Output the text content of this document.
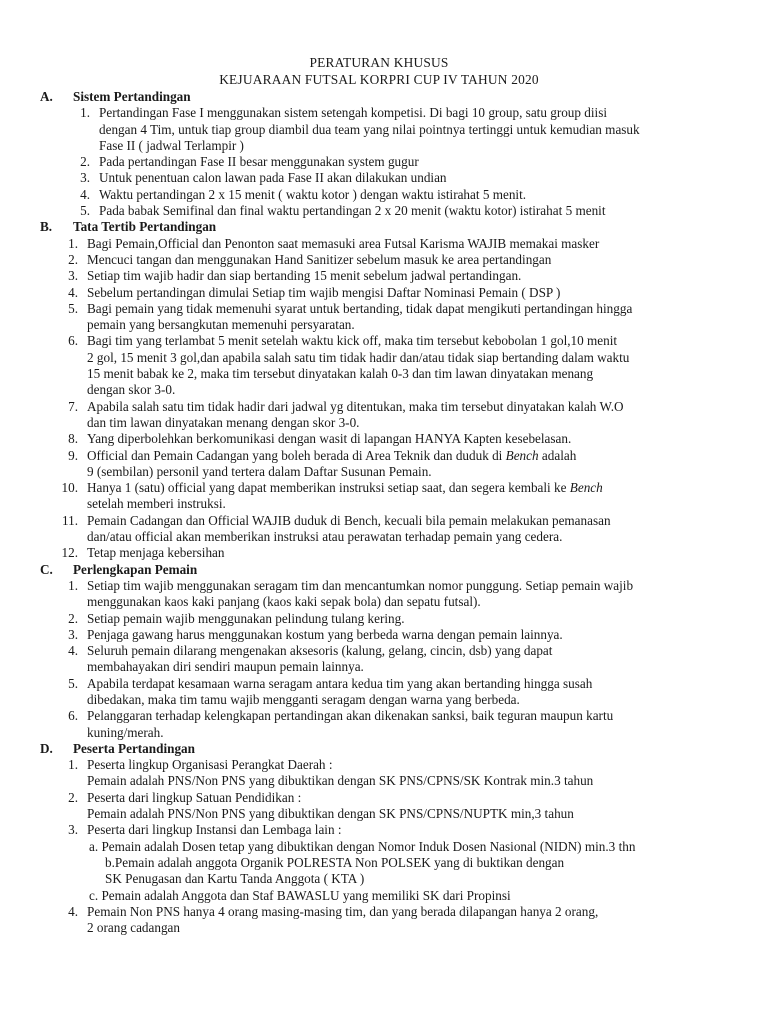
PERATURAN KHUSUS
KEJUARAAN FUTSAL KORPRI CUP IV TAHUN 2020
A.	Sistem Pertandingan
1. Pertandingan Fase I menggunakan sistem setengah kompetisi. Di bagi 10 group, satu group diisi
dengan 4 Tim, untuk tiap group diambil dua team yang nilai pointnya tertinggi untuk kemudian masuk
Fase II ( jadwal Terlampir )
2. Pada pertandingan Fase II besar menggunakan system gugur
3. Untuk penentuan calon lawan pada Fase II akan dilakukan undian
4. Waktu pertandingan 2 x 15 menit ( waktu kotor ) dengan waktu istirahat 5 menit.
5. Pada babak Semifinal dan final waktu pertandingan 2 x 20 menit (waktu kotor) istirahat 5 menit
B.	Tata Tertib Pertandingan
1. Bagi Pemain,Official dan Penonton saat memasuki area Futsal Karisma WAJIB memakai masker
2. Mencuci tangan dan menggunakan Hand Sanitizer sebelum masuk ke area pertandingan
3. Setiap tim wajib hadir dan siap bertanding 15 menit sebelum jadwal pertandingan.
4. Sebelum pertandingan dimulai Setiap tim wajib mengisi Daftar Nominasi Pemain ( DSP )
5. Bagi pemain yang tidak memenuhi syarat untuk bertanding, tidak dapat mengikuti pertandingan hingga
pemain yang bersangkutan memenuhi persyaratan.
6. Bagi tim yang terlambat 5 menit setelah waktu kick off, maka tim tersebut kebobolan 1 gol,10 menit
2 gol, 15 menit 3 gol,dan apabila salah satu tim tidak hadir dan/atau tidak siap bertanding dalam waktu
15 menit babak ke 2, maka tim tersebut dinyatakan kalah 0-3 dan tim lawan dinyatakan menang
dengan skor 3-0.
7. Apabila salah satu tim tidak hadir dari jadwal yg ditentukan, maka tim tersebut dinyatakan kalah W.O
dan tim lawan dinyatakan menang dengan skor 3-0.
8. Yang diperbolehkan berkomunikasi dengan wasit di lapangan HANYA Kapten kesebelasan.
9. Official dan Pemain Cadangan yang boleh berada di Area Teknik dan duduk di Bench adalah
9 (sembilan) personil yand tertera dalam Daftar Susunan Pemain.
10. Hanya 1 (satu) official yang dapat memberikan instruksi setiap saat, dan segera kembali ke Bench
setelah memberi instruksi.
11. Pemain Cadangan dan Official WAJIB duduk di Bench, kecuali bila pemain melakukan pemanasan
dan/atau official akan memberikan instruksi atau perawatan terhadap pemain yang cedera.
12. Tetap menjaga kebersihan
C.	Perlengkapan Pemain
1. Setiap tim wajib menggunakan seragam tim dan mencantumkan nomor punggung. Setiap pemain wajib
menggunakan kaos kaki panjang (kaos kaki sepak bola) dan sepatu futsal).
2. Setiap pemain wajib menggunakan pelindung tulang kering.
3. Penjaga gawang harus menggunakan kostum yang berbeda warna dengan pemain lainnya.
4. Seluruh pemain dilarang mengenakan aksesoris (kalung, gelang, cincin, dsb) yang dapat
membahayakan diri sendiri maupun pemain lainnya.
5. Apabila terdapat kesamaan warna seragam antara kedua tim yang akan bertanding hingga susah
dibedakan, maka tim tamu wajib mengganti seragam dengan warna yang berbeda.
6. Pelanggaran terhadap kelengkapan pertandingan akan dikenakan sanksi, baik teguran maupun kartu
kuning/merah.
D.	Peserta Pertandingan
1. Peserta lingkup Organisasi Perangkat Daerah :
Pemain adalah PNS/Non PNS yang dibuktikan dengan SK PNS/CPNS/SK Kontrak min.3 tahun
2. Peserta dari lingkup Satuan Pendidikan :
Pemain adalah PNS/Non PNS yang dibuktikan dengan SK PNS/CPNS/NUPTK min,3 tahun
3. Peserta dari lingkup Instansi dan Lembaga lain :
a. Pemain adalah Dosen tetap yang dibuktikan dengan Nomor Induk Dosen Nasional (NIDN) min.3 thn
b.Pemain adalah anggota Organik POLRESTA Non POLSEK yang di buktikan dengan
SK Penugasan dan Kartu Tanda Anggota ( KTA )
c. Pemain adalah Anggota dan Staf BAWASLU yang memiliki SK dari Propinsi
4. Pemain Non PNS hanya 4 orang masing-masing tim, dan yang berada dilapangan hanya 2 orang,
2 orang cadangan
